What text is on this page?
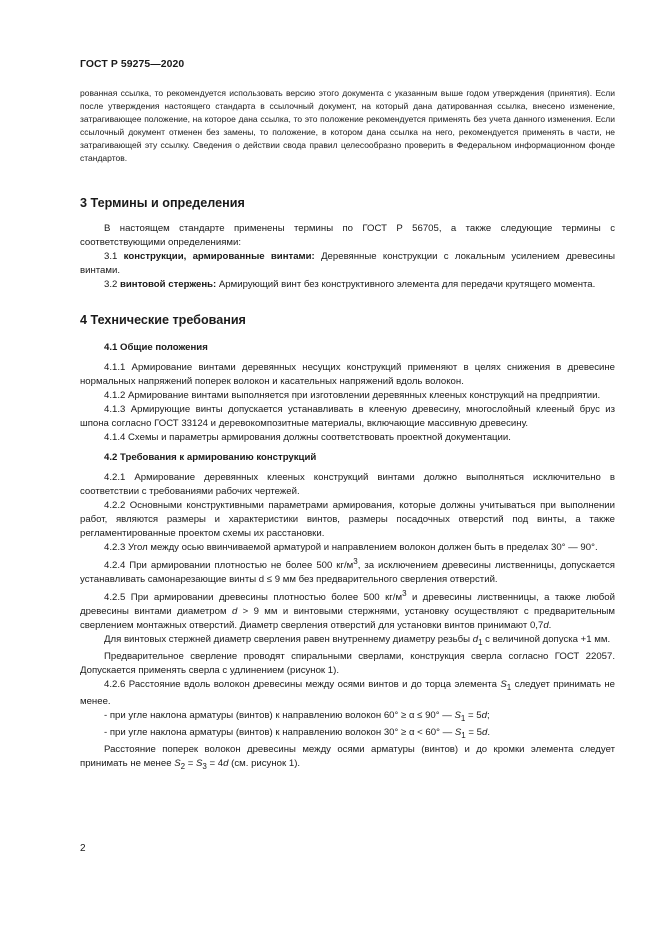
ГОСТ Р 59275—2020

рованная ссылка, то рекомендуется использовать версию этого документа с указанным выше годом утверждения (принятия). Если после утверждения настоящего стандарта в ссылочный документ, на который дана датированная ссылка, внесено изменение, затрагивающее положение, на которое дана ссылка, то это положение рекомендуется применять без учета данного изменения. Если ссылочный документ отменен без замены, то положение, в котором дана ссылка на него, рекомендуется применять в части, не затрагивающей эту ссылку. Сведения о действии свода правил целесообразно проверить в Федеральном информационном фонде стандартов.

3 Термины и определения

В настоящем стандарте применены термины по ГОСТ Р 56705, а также следующие термины с соответствующими определениями:

3.1 конструкции, армированные винтами: Деревянные конструкции с локальным усилением древесины винтами.

3.2 винтовой стержень: Армирующий винт без конструктивного элемента для передачи крутящего момента.

4 Технические требования
4.1 Общие положения

4.1.1 Армирование винтами деревянных несущих конструкций применяют в целях снижения в древесине нормальных напряжений поперек волокон и касательных напряжений вдоль волокон.

4.1.2 Армирование винтами выполняется при изготовлении деревянных клееных конструкций на предприятии.

4.1.3 Армирующие винты допускается устанавливать в клееную древесину, многослойный клееный брус из шпона согласно ГОСТ 33124 и деревокомпозитные материалы, включающие массивную древесину.

4.1.4 Схемы и параметры армирования должны соответствовать проектной документации.

4.2 Требования к армированию конструкций

4.2.1 Армирование деревянных клееных конструкций винтами должно выполняться исключительно в соответствии с требованиями рабочих чертежей.

4.2.2 Основными конструктивными параметрами армирования, которые должны учитываться при выполнении работ, являются размеры и характеристики винтов, размеры посадочных отверстий под винты, а также регламентированные проектом схемы их расстановки.

4.2.3 Угол между осью ввинчиваемой арматурой и направлением волокон должен быть в пределах 30° — 90°.

4.2.4 При армировании плотностью не более 500 $кг/м^3$, за исключением древесины лиственницы, допускается устанавливать самонарезающие винты d ≤ 9 мм без предварительного сверления отверстий.

4.2.5 При армировании древесины плотностью более 500 $кг/м^3$ и древесины лиственницы, а также любой древесины винтами диаметром d > 9 мм и винтовыми стержнями, установку осуществляют с предварительным сверлением монтажных отверстий. Диаметр сверления отверстий для установки винтов принимают 0,7d.

Для винтовых стержней диаметр сверления равен внутреннему диаметру резьбы $d_1$ с величиной допуска +1 мм.

Предварительное сверление проводят спиральными сверлами, конструкция сверла согласно ГОСТ 22057. Допускается применять сверла с удлинением (рисунок 1).

4.2.6 Расстояние вдоль волокон древесины между осями винтов и до торца элемента $S_1$ следует принимать не менее.

- при угле наклона арматуры (винтов) к направлению волокон 60° ≥ α ≤ 90° — $S_1 = 5d$;

- при угле наклона арматуры (винтов) к направлению волокон 30° ≥ α < 60° — $S_1 = 5d$.

Расстояние поперек волокон древесины между осями арматуры (винтов) и до кромки элемента следует принимать не менее $S_2 = S_3 = 4d$ (см. рисунок 1).

2
